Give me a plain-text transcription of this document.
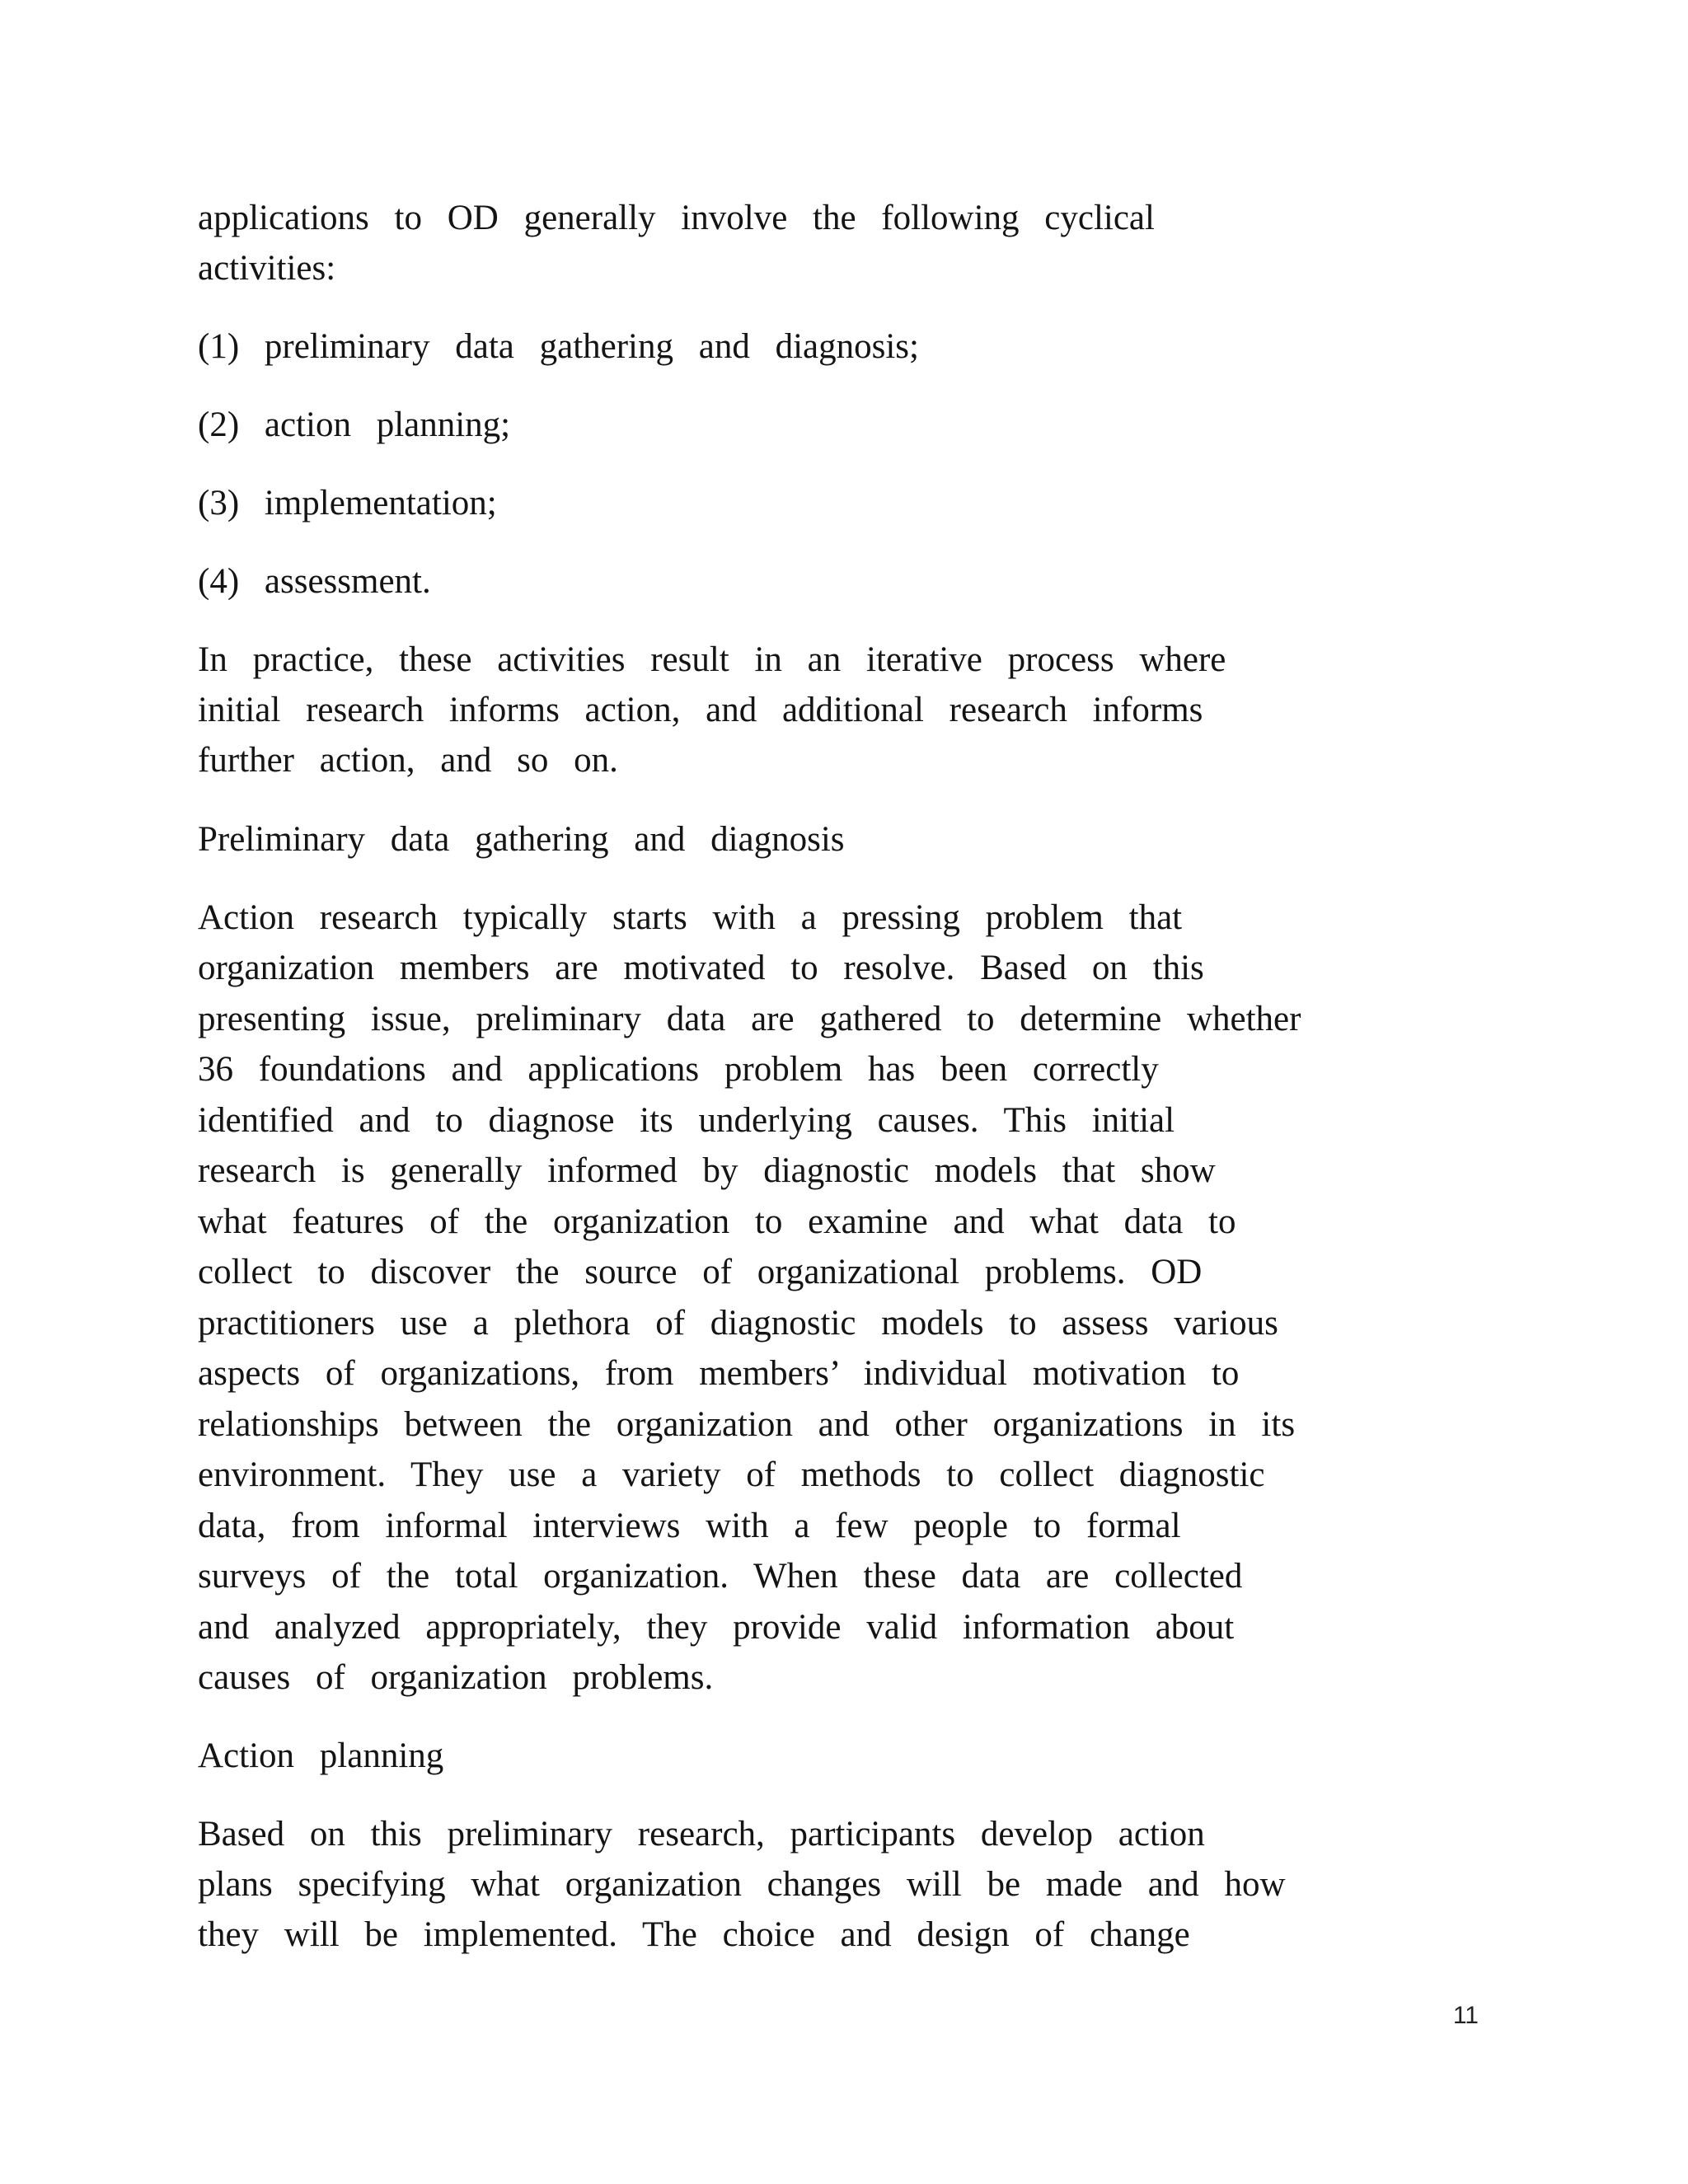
applications to OD generally involve the following cyclical
activities:
(1) preliminary data gathering and diagnosis;
(2) action planning;
(3) implementation;
(4) assessment.
In practice, these activities result in an iterative process where
initial research informs action, and additional research informs
further action, and so on.
Preliminary data gathering and diagnosis
Action research typically starts with a pressing problem that
organization members are motivated to resolve. Based on this
presenting issue, preliminary data are gathered to determine whether
36 foundations and applications problem has been correctly
identified and to diagnose its underlying causes. This initial
research is generally informed by diagnostic models that show
what features of the organization to examine and what data to
collect to discover the source of organizational problems. OD
practitioners use a plethora of diagnostic models to assess various
aspects of organizations, from members’ individual motivation to
relationships between the organization and other organizations in its
environment. They use a variety of methods to collect diagnostic
data, from informal interviews with a few people to formal
surveys of the total organization. When these data are collected
and analyzed appropriately, they provide valid information about
causes of organization problems.
Action planning
Based on this preliminary research, participants develop action
plans specifying what organization changes will be made and how
they will be implemented. The choice and design of change
11
